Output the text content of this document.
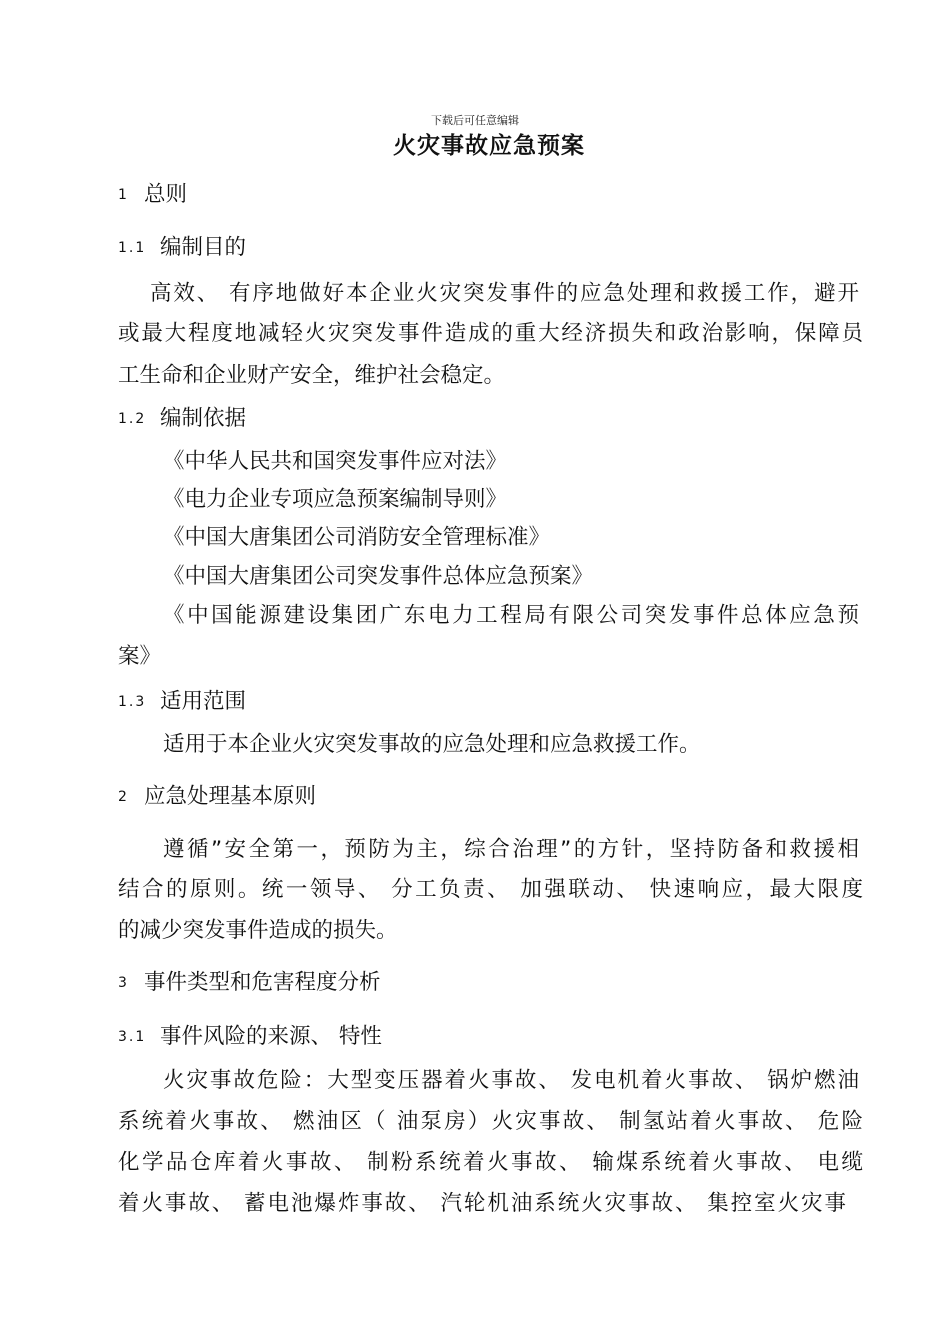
下载后可任意编辑
火灾事故应急预案
1 总则
1.1 编制目的
高效、 有序地做好本企业火灾突发事件的应急处理和救援工作，避开
或最大程度地减轻火灾突发事件造成的重大经济损失和政治影响，保障员
工生命和企业财产安全，维护社会稳定。
1.2 编制依据
《中华人民共和国突发事件应对法》
《电力企业专项应急预案编制导则》
《中国大唐集团公司消防安全管理标准》
《中国大唐集团公司突发事件总体应急预案》
《中国能源建设集团广东电力工程局有限公司突发事件总体应急预
案》
1.3 适用范围
适用于本企业火灾突发事故的应急处理和应急救援工作。
2 应急处理基本原则
遵循”安全第一，预防为主，综合治理”的方针，坚持防备和救援相
结合的原则。统一领导、 分工负责、 加强联动、 快速响应，最大限度
的减少突发事件造成的损失。
3 事件类型和危害程度分析
3.1 事件风险的来源、 特性
火灾事故危险：大型变压器着火事故、 发电机着火事故、 锅炉燃油
系统着火事故、 燃油区（ 油泵房）火灾事故、 制氢站着火事故、 危险
化学品仓库着火事故、 制粉系统着火事故、 输煤系统着火事故、 电缆
着火事故、 蓄电池爆炸事故、 汽轮机油系统火灾事故、 集控室火灾事
